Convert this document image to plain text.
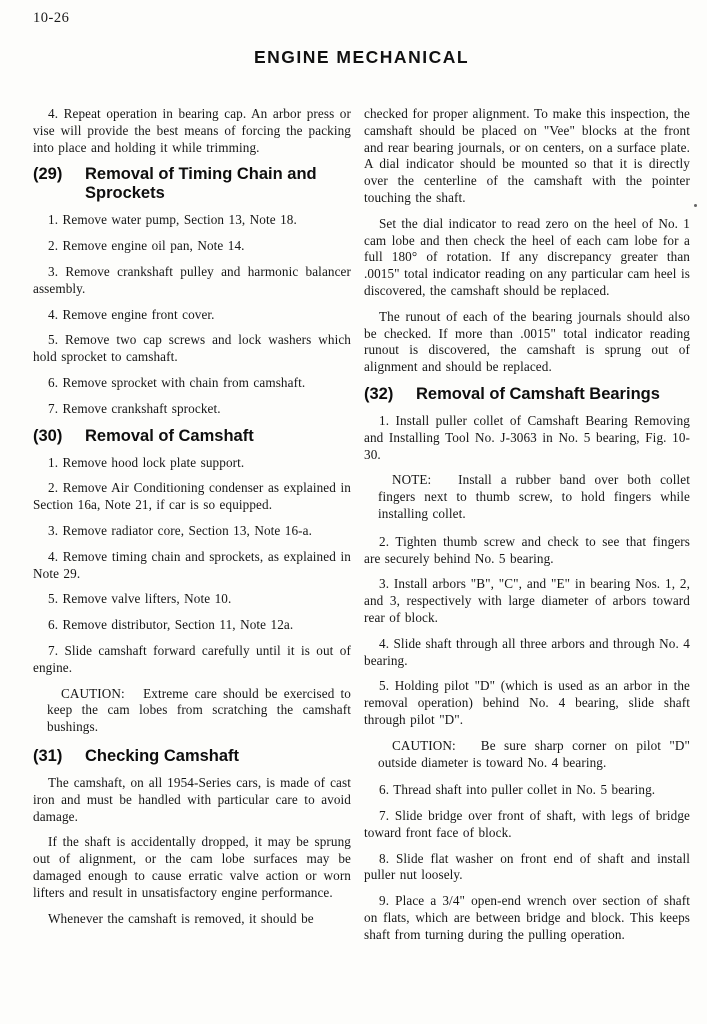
10-26
ENGINE MECHANICAL

4. Repeat operation in bearing cap. An arbor press or vise will provide the best means of forcing the packing into place and holding it while trimming.

(29)	Removal of Timing Chain and Sprockets

1. Remove water pump, Section 13, Note 18.

2. Remove engine oil pan, Note 14.

3. Remove crankshaft pulley and harmonic balancer assembly.

4. Remove engine front cover.

5. Remove two cap screws and lock washers which hold sprocket to camshaft.

6. Remove sprocket with chain from camshaft.

7. Remove crankshaft sprocket.

(30)	Removal of Camshaft

1. Remove hood lock plate support.

2. Remove Air Conditioning condenser as explained in Section 16a, Note 21, if car is so equipped.

3. Remove radiator core, Section 13, Note 16-a.

4. Remove timing chain and sprockets, as explained in Note 29.

5. Remove valve lifters, Note 10.

6. Remove distributor, Section 11, Note 12a.

7. Slide camshaft forward carefully until it is out of engine.

CAUTION:   Extreme care should be exercised to keep the cam lobes from scratching the camshaft bushings.

(31)	Checking Camshaft

The camshaft, on all 1954-Series cars, is made of cast iron and must be handled with particular care to avoid damage.

If the shaft is accidentally dropped, it may be sprung out of alignment, or the cam lobe surfaces may be damaged enough to cause erratic valve action or worn lifters and result in unsatisfactory engine performance.

Whenever the camshaft is removed, it should be

checked for proper alignment. To make this inspection, the camshaft should be placed on "Vee" blocks at the front and rear bearing journals, or on centers, on a surface plate. A dial indicator should be mounted so that it is directly over the centerline of the camshaft with the pointer touching the shaft.

Set the dial indicator to read zero on the heel of No. 1 cam lobe and then check the heel of each cam lobe for a full 180° of rotation. If any discrepancy greater than .0015" total indicator reading on any particular cam heel is discovered, the camshaft should be replaced.

The runout of each of the bearing journals should also be checked. If more than .0015" total indicator reading runout is discovered, the camshaft is sprung out of alignment and should be replaced.

(32)	Removal of Camshaft Bearings

1. Install puller collet of Camshaft Bearing Removing and Installing Tool No. J-3063 in No. 5 bearing, Fig. 10-30.

NOTE:   Install a rubber band over both collet fingers next to thumb screw, to hold fingers while installing collet.

2. Tighten thumb screw and check to see that fingers are securely behind No. 5 bearing.

3. Install arbors "B", "C", and "E" in bearing Nos. 1, 2, and 3, respectively with large diameter of arbors toward rear of block.

4. Slide shaft through all three arbors and through No. 4 bearing.

5. Holding pilot "D" (which is used as an arbor in the removal operation) behind No. 4 bearing, slide shaft through pilot "D".

CAUTION:   Be sure sharp corner on pilot "D" outside diameter is toward No. 4 bearing.

6. Thread shaft into puller collet in No. 5 bearing.

7. Slide bridge over front of shaft, with legs of bridge toward front face of block.

8. Slide flat washer on front end of shaft and install puller nut loosely.

9. Place a 3/4" open-end wrench over section of shaft on flats, which are between bridge and block. This keeps shaft from turning during the pulling operation.
